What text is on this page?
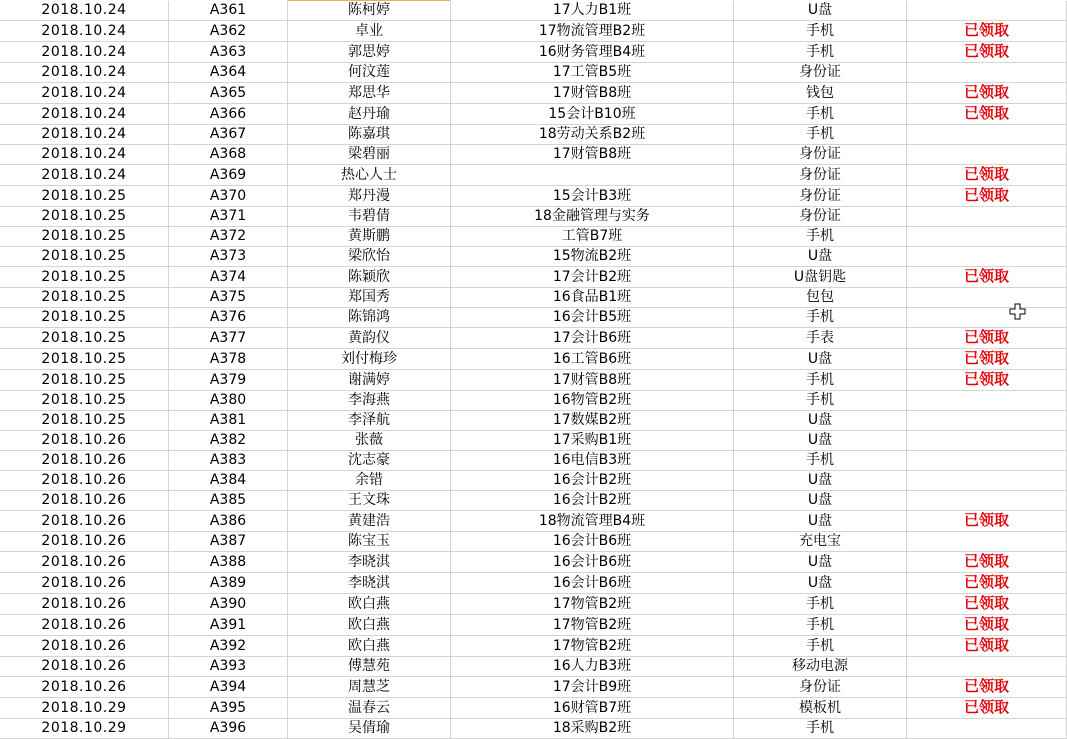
2018.10.24	A361	陈柯婷	17人力B1班	U盘	
2018.10.24	A362	卓业	17物流管理B2班	手机	已领取
2018.10.24	A363	郭思婷	16财务管理B4班	手机	已领取
2018.10.24	A364	何汶莲	17工管B5班	身份证	
2018.10.24	A365	郑思华	17财管B8班	钱包	已领取
2018.10.24	A366	赵丹瑜	15会计B10班	手机	已领取
2018.10.24	A367	陈嘉琪	18劳动关系B2班	手机	
2018.10.24	A368	梁碧丽	17财管B8班	身份证	
2018.10.24	A369	热心人士		身份证	已领取
2018.10.25	A370	郑丹漫	15会计B3班	身份证	已领取
2018.10.25	A371	韦碧倩	18金融管理与实务	身份证	
2018.10.25	A372	黄斯鹏	工管B7班	手机	
2018.10.25	A373	梁欣怡	15物流B2班	U盘	
2018.10.25	A374	陈颖欣	17会计B2班	U盘钥匙	已领取
2018.10.25	A375	郑国秀	16食品B1班	包包	
2018.10.25	A376	陈锦鸿	16会计B5班	手机	
2018.10.25	A377	黄韵仪	17会计B6班	手表	已领取
2018.10.25	A378	刘付梅珍	16工管B6班	U盘	已领取
2018.10.25	A379	谢满婷	17财管B8班	手机	已领取
2018.10.25	A380	李海燕	16物管B2班	手机	
2018.10.25	A381	李泽航	17数媒B2班	U盘	
2018.10.26	A382	张薇	17采购B1班	U盘	
2018.10.26	A383	沈志豪	16电信B3班	手机	
2018.10.26	A384	余错	16会计B2班	U盘	
2018.10.26	A385	王文珠	16会计B2班	U盘	
2018.10.26	A386	黄建浩	18物流管理B4班	U盘	已领取
2018.10.26	A387	陈宝玉	16会计B6班	充电宝	
2018.10.26	A388	李晓淇	16会计B6班	U盘	已领取
2018.10.26	A389	李晓淇	16会计B6班	U盘	已领取
2018.10.26	A390	欧白燕	17物管B2班	手机	已领取
2018.10.26	A391	欧白燕	17物管B2班	手机	已领取
2018.10.26	A392	欧白燕	17物管B2班	手机	已领取
2018.10.26	A393	傅慧苑	16人力B3班	移动电源	
2018.10.26	A394	周慧芝	17会计B9班	身份证	已领取
2018.10.29	A395	温春云	16财管B7班	模板机	已领取
2018.10.29	A396	吴倩瑜	18采购B2班	手机	
